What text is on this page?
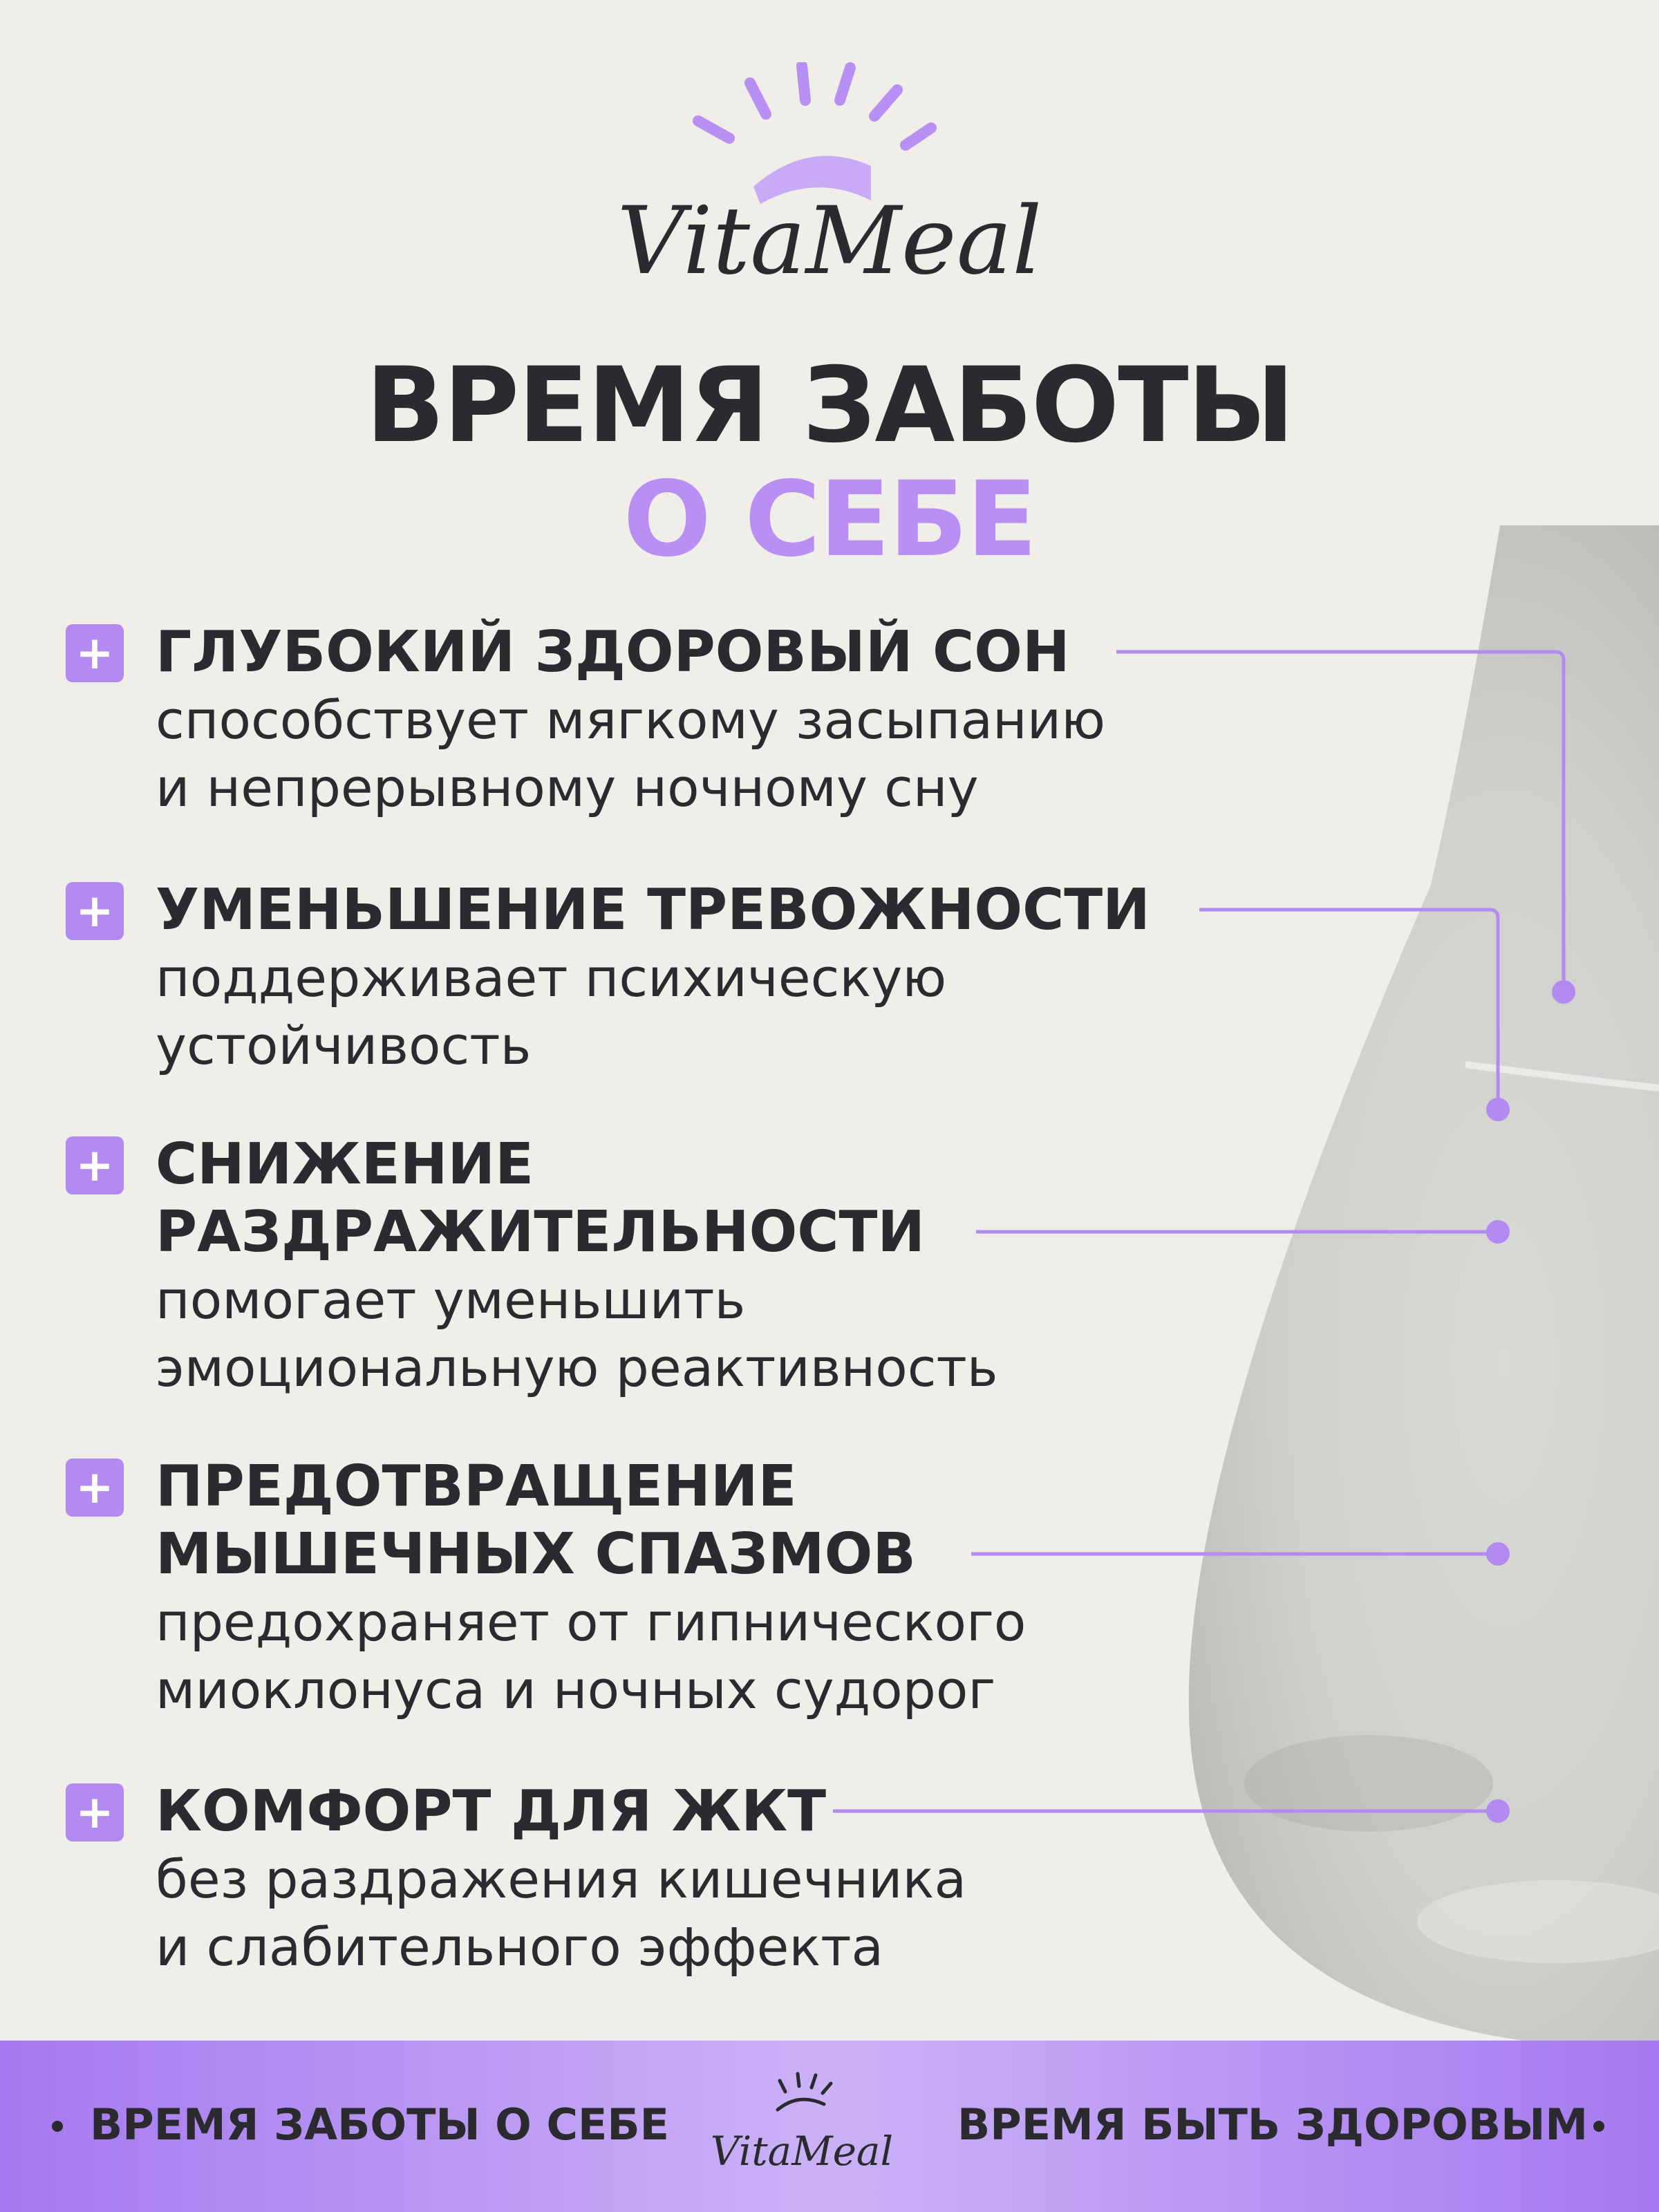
VitaMeal
ВРЕМЯ ЗАБОТЫ
О СЕБЕ
+ ГЛУБОКИЙ ЗДОРОВЫЙ СОН
способствует мягкому засыпанию
и непрерывному ночному сну
+ УМЕНЬШЕНИЕ ТРЕВОЖНОСТИ
поддерживает психическую
устойчивость
+ СНИЖЕНИЕ
РАЗДРАЖИТЕЛЬНОСТИ
помогает уменьшить
эмоциональную реактивность
+ ПРЕДОТВРАЩЕНИЕ
МЫШЕЧНЫХ СПАЗМОВ
предохраняет от гипнического
миоклонуса и ночных судорог
+ КОМФОРТ ДЛЯ ЖКТ
без раздражения кишечника
и слабительного эффекта
ВРЕМЯ ЗАБОТЫ О СЕБЕ
VitaMeal
ВРЕМЯ БЫТЬ ЗДОРОВЫМ
